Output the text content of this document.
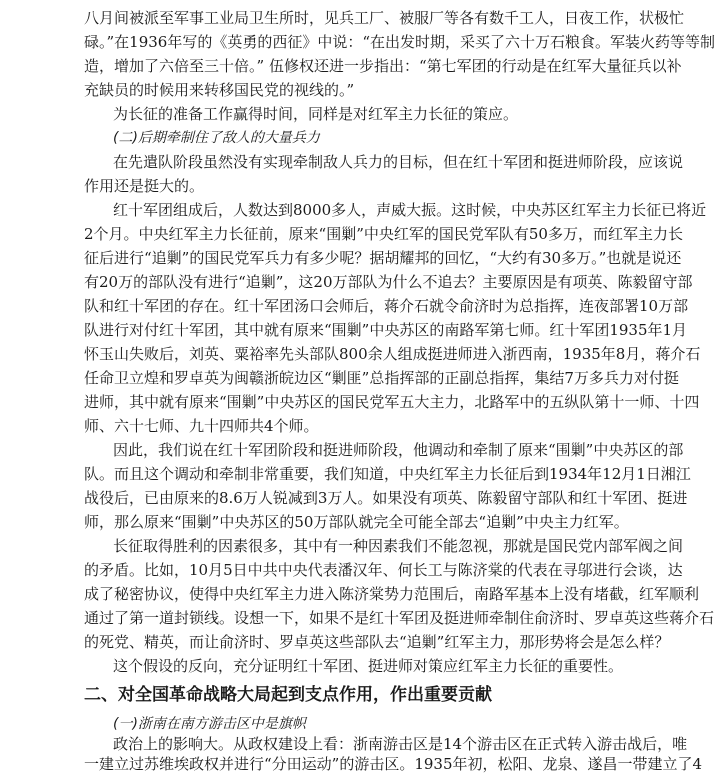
八月间被派至军事工业局卫生所时，见兵工厂、被服厂等各有数千工人，日夜工作，状极忙
碌。”在1936年写的《英勇的西征》中说：“在出发时期，采买了六十万石粮食。军装火药等等制
造，增加了六倍至三十倍。” 伍修权还进一步指出：“第七军团的行动是在红军大量征兵以补
充缺员的时候用来转移国民党的视线的。”
为长征的准备工作赢得时间，同样是对红军主力长征的策应。
(二)后期牵制住了敌人的大量兵力
在先遣队阶段虽然没有实现牵制敌人兵力的目标，但在红十军团和挺进师阶段，应该说
作用还是挺大的。
红十军团组成后，人数达到8000多人，声威大振。这时候，中央苏区红军主力长征已将近
2个月。中央红军主力长征前，原来“围剿”中央红军的国民党军队有50多万，而红军主力长
征后进行“追剿”的国民党军兵力有多少呢？据胡耀邦的回忆，“大约有30多万。”也就是说还
有20万的部队没有进行“追剿”，这20万部队为什么不追去？主要原因是有项英、陈毅留守部
队和红十军团的存在。红十军团汤口会师后，蒋介石就令俞济时为总指挥，连夜部署10万部
队进行对付红十军团，其中就有原来“围剿”中央苏区的南路军第七师。红十军团1935年1月
怀玉山失败后，刘英、粟裕率先头部队800余人组成挺进师进入浙西南，1935年8月，蒋介石
任命卫立煌和罗卓英为闽赣浙皖边区“剿匪”总指挥部的正副总指挥，集结7万多兵力对付挺
进师，其中就有原来“围剿”中央苏区的国民党军五大主力，北路军中的五纵队第十一师、十四
师、六十七师、九十四师共4个师。
因此，我们说在红十军团阶段和挺进师阶段，他调动和牵制了原来“围剿”中央苏区的部
队。而且这个调动和牵制非常重要，我们知道，中央红军主力长征后到1934年12月1日湘江
战役后，已由原来的8.6万人锐减到3万人。如果没有项英、陈毅留守部队和红十军团、挺进
师，那么原来“围剿”中央苏区的50万部队就完全可能全部去“追剿”中央主力红军。
长征取得胜利的因素很多，其中有一种因素我们不能忽视，那就是国民党内部军阀之间
的矛盾。比如，10月5日中共中央代表潘汉年、何长工与陈济棠的代表在寻邬进行会谈，达
成了秘密协议，使得中央红军主力进入陈济棠势力范围后，南路军基本上没有堵截，红军顺利
通过了第一道封锁线。设想一下，如果不是红十军团及挺进师牵制住俞济时、罗卓英这些蒋介石
的死党、精英，而让俞济时、罗卓英这些部队去“追剿”红军主力，那形势将会是怎么样？
这个假设的反向，充分证明红十军团、挺进师对策应红军主力长征的重要性。
二、对全国革命战略大局起到支点作用，作出重要贡献
(一)浙南在南方游击区中是旗帜
政治上的影响大。从政权建设上看：浙南游击区是14个游击区在正式转入游击战后，唯
一建立过苏维埃政权并进行“分田运动”的游击区。1935年初，松阳、龙泉、遂昌一带建立了4
